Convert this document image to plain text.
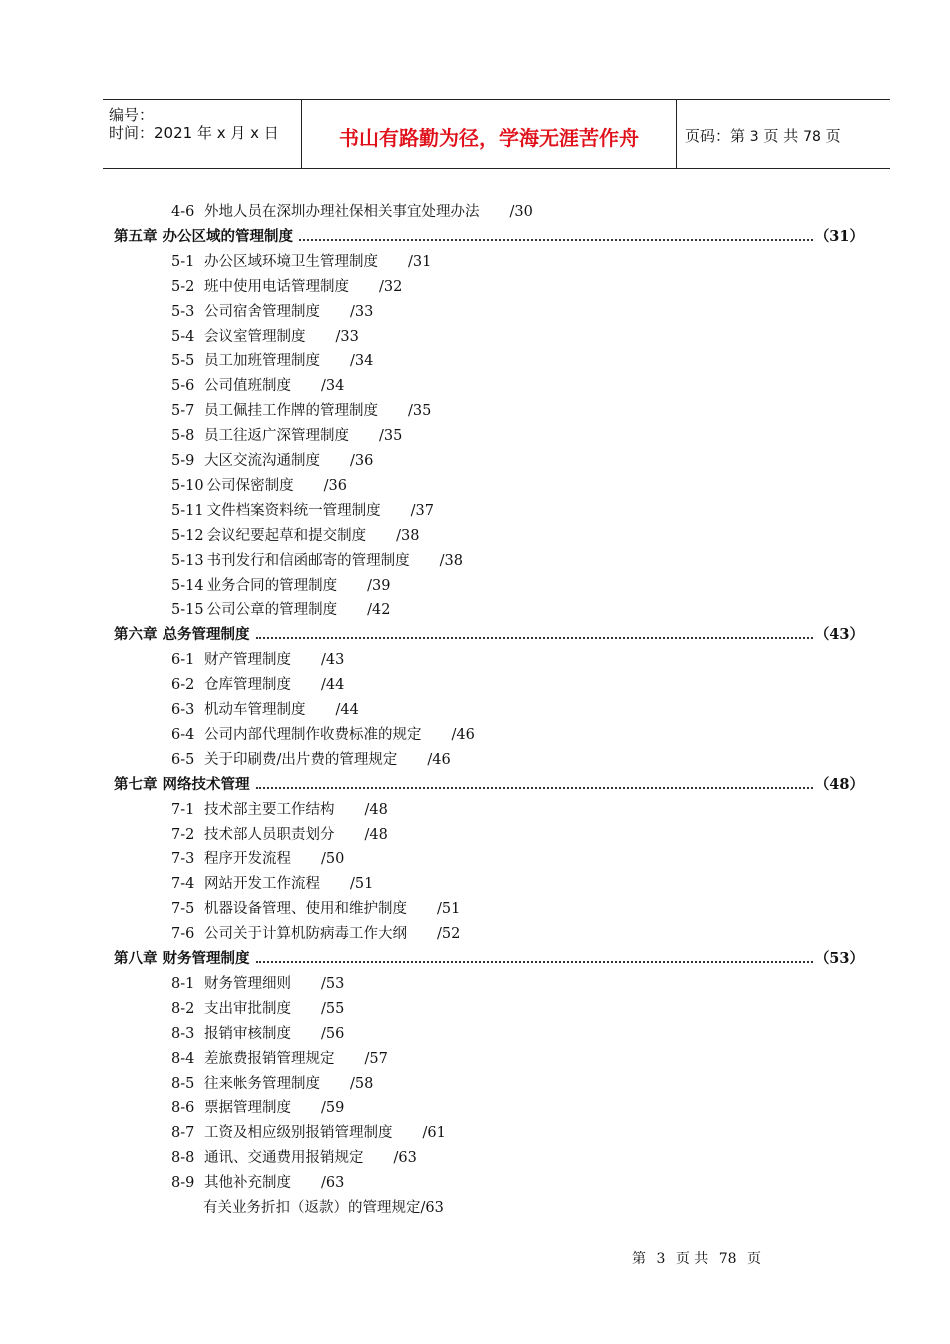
编号：
时间：2021 年 x 月 x 日	书山有路勤为径，学海无涯苦作舟	页码：第 3 页 共 78 页
4-6 外地人员在深圳办理社保相关事宜处理办法 /30
第五章 办公区域的管理制度	（31）
5-1 办公区域环境卫生管理制度 /31
5-2 班中使用电话管理制度 /32
5-3 公司宿舍管理制度 /33
5-4 会议室管理制度 /33
5-5 员工加班管理制度 /34
5-6 公司值班制度 /34
5-7 员工佩挂工作牌的管理制度 /35
5-8 员工往返广深管理制度 /35
5-9 大区交流沟通制度 /36
5-10 公司保密制度 /36
5-11 文件档案资料统一管理制度 /37
5-12 会议纪要起草和提交制度 /38
5-13 书刊发行和信函邮寄的管理制度 /38
5-14 业务合同的管理制度 /39
5-15 公司公章的管理制度 /42
第六章 总务管理制度	（43）
6-1 财产管理制度 /43
6-2 仓库管理制度 /44
6-3 机动车管理制度 /44
6-4 公司内部代理制作收费标准的规定 /46
6-5 关于印刷费/出片费的管理规定 /46
第七章 网络技术管理	（48）
7-1 技术部主要工作结构 /48
7-2 技术部人员职责划分 /48
7-3 程序开发流程 /50
7-4 网站开发工作流程 /51
7-5 机器设备管理、使用和维护制度 /51
7-6 公司关于计算机防病毒工作大纲 /52
第八章 财务管理制度	（53）
8-1 财务管理细则 /53
8-2 支出审批制度 /55
8-3 报销审核制度 /56
8-4 差旅费报销管理规定 /57
8-5 往来帐务管理制度 /58
8-6 票据管理制度 /59
8-7 工资及相应级别报销管理制度 /61
8-8 通讯、交通费用报销规定 /63
8-9 其他补充制度 /63
有关业务折扣（返款）的管理规定/63
第 3 页 共 78 页
